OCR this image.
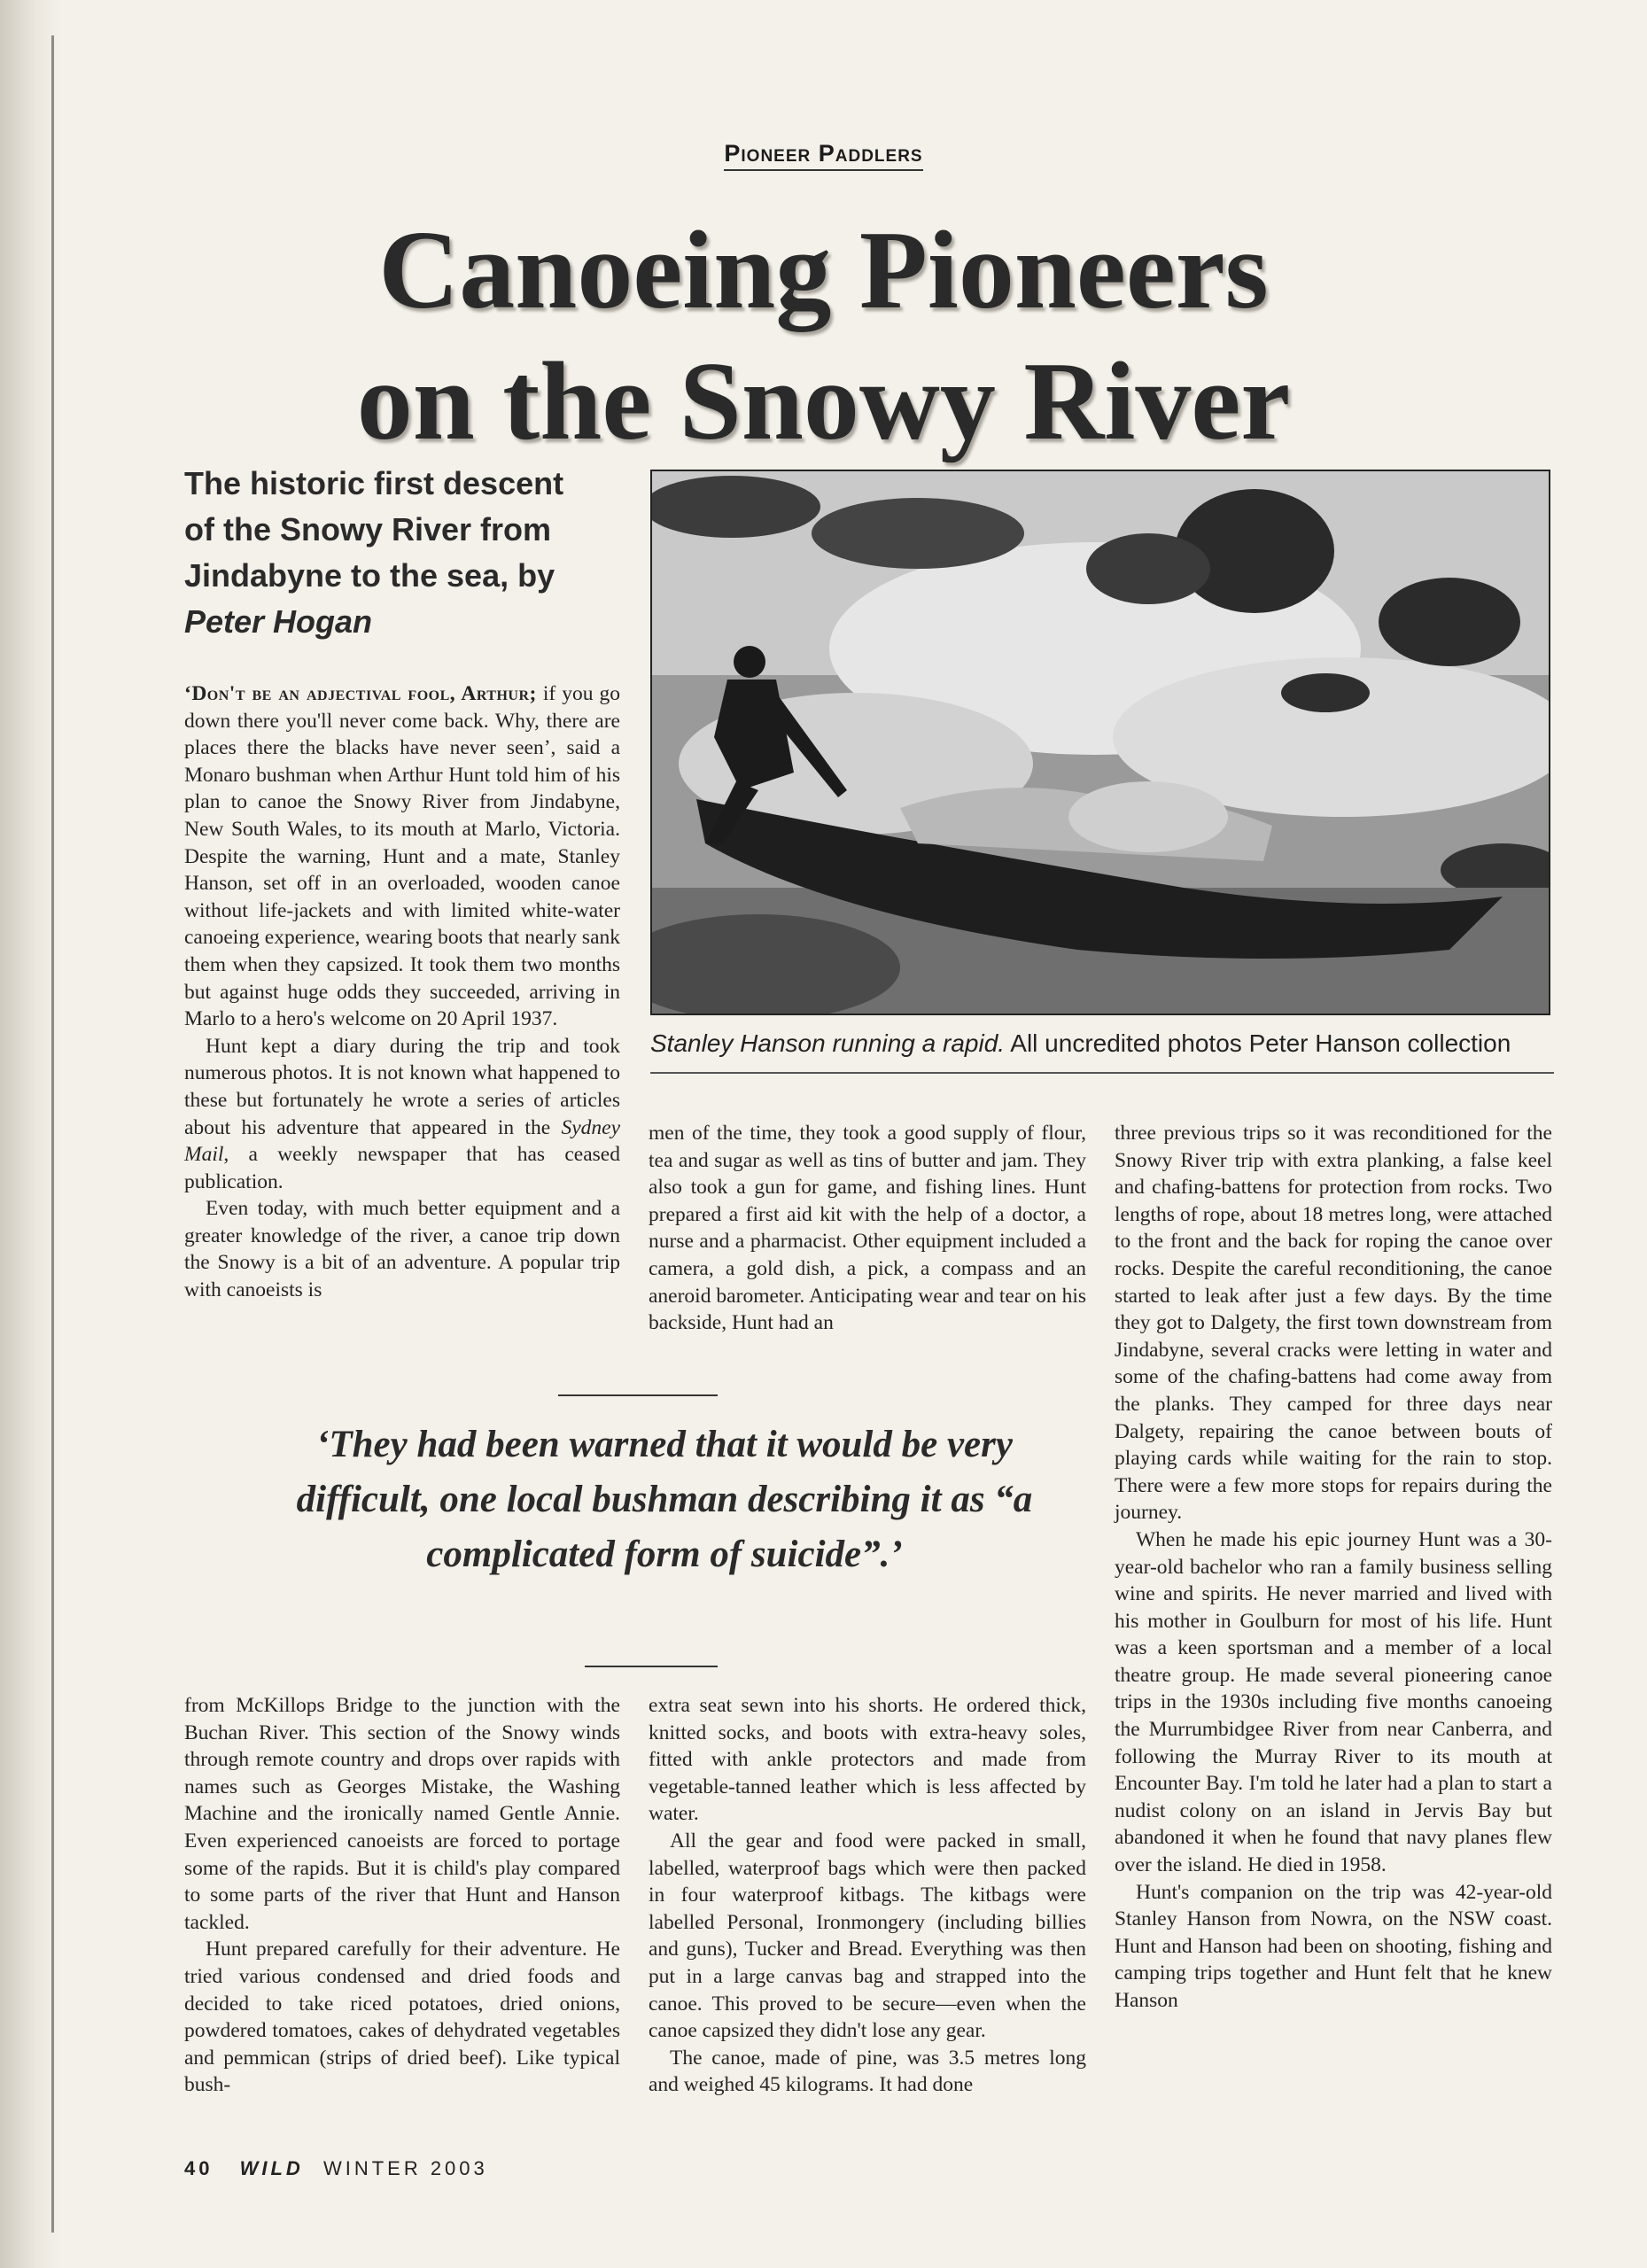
Pioneer Paddlers
Canoeing Pioneers
on the Snowy River
The historic first descent of the Snowy River from Jindabyne to the sea, by Peter Hogan
Stanley Hanson running a rapid. All uncredited photos Peter Hanson collection

‘Don't be an adjectival fool, Arthur; if you go down there you'll never come back. Why, there are places there the blacks have never seen’, said a Monaro bushman when Arthur Hunt told him of his plan to canoe the Snowy River from Jindabyne, New South Wales, to its mouth at Marlo, Victoria. Despite the warning, Hunt and a mate, Stanley Hanson, set off in an overloaded, wooden canoe without life-jackets and with limited white-water canoeing experience, wearing boots that nearly sank them when they capsized. It took them two months but against huge odds they succeeded, arriving in Marlo to a hero's welcome on 20 April 1937.

Hunt kept a diary during the trip and took numerous photos. It is not known what happened to these but fortunately he wrote a series of articles about his adventure that appeared in the Sydney Mail, a weekly newspaper that has ceased publication.

Even today, with much better equipment and a greater knowledge of the river, a canoe trip down the Snowy is a bit of an adventure. A popular trip with canoeists is

men of the time, they took a good supply of flour, tea and sugar as well as tins of butter and jam. They also took a gun for game, and fishing lines. Hunt prepared a first aid kit with the help of a doctor, a nurse and a pharmacist. Other equipment included a camera, a gold dish, a pick, a compass and an aneroid barometer. Anticipating wear and tear on his backside, Hunt had an

three previous trips so it was reconditioned for the Snowy River trip with extra planking, a false keel and chafing-battens for protection from rocks. Two lengths of rope, about 18 metres long, were attached to the front and the back for roping the canoe over rocks. Despite the careful reconditioning, the canoe started to leak after just a few days. By the time they got to Dalgety, the first town downstream from Jindabyne, several cracks were letting in water and some of the chafing-battens had come away from the planks. They camped for three days near Dalgety, repairing the canoe between bouts of playing cards while waiting for the rain to stop. There were a few more stops for repairs during the journey.

When he made his epic journey Hunt was a 30-year-old bachelor who ran a family business selling wine and spirits. He never married and lived with his mother in Goulburn for most of his life. Hunt was a keen sportsman and a member of a local theatre group. He made several pioneering canoe trips in the 1930s including five months canoeing the Murrumbidgee River from near Canberra, and following the Murray River to its mouth at Encounter Bay. I'm told he later had a plan to start a nudist colony on an island in Jervis Bay but abandoned it when he found that navy planes flew over the island. He died in 1958.

Hunt's companion on the trip was 42-year-old Stanley Hanson from Nowra, on the NSW coast. Hunt and Hanson had been on shooting, fishing and camping trips together and Hunt felt that he knew Hanson

‘They had been warned that it would be very difficult, one local bushman describing it as “a complicated form of suicide”.’

from McKillops Bridge to the junction with the Buchan River. This section of the Snowy winds through remote country and drops over rapids with names such as Georges Mistake, the Washing Machine and the ironically named Gentle Annie. Even experienced canoeists are forced to portage some of the rapids. But it is child's play compared to some parts of the river that Hunt and Hanson tackled.

Hunt prepared carefully for their adventure. He tried various condensed and dried foods and decided to take riced potatoes, dried onions, powdered tomatoes, cakes of dehydrated vegetables and pemmican (strips of dried beef). Like typical bush-

extra seat sewn into his shorts. He ordered thick, knitted socks, and boots with extra-heavy soles, fitted with ankle protectors and made from vegetable-tanned leather which is less affected by water.

All the gear and food were packed in small, labelled, waterproof bags which were then packed in four waterproof kitbags. The kitbags were labelled Personal, Ironmongery (including billies and guns), Tucker and Bread. Everything was then put in a large canvas bag and strapped into the canoe. This proved to be secure—even when the canoe capsized they didn't lose any gear.

The canoe, made of pine, was 3.5 metres long and weighed 45 kilograms. It had done

40 WILD WINTER 2003
